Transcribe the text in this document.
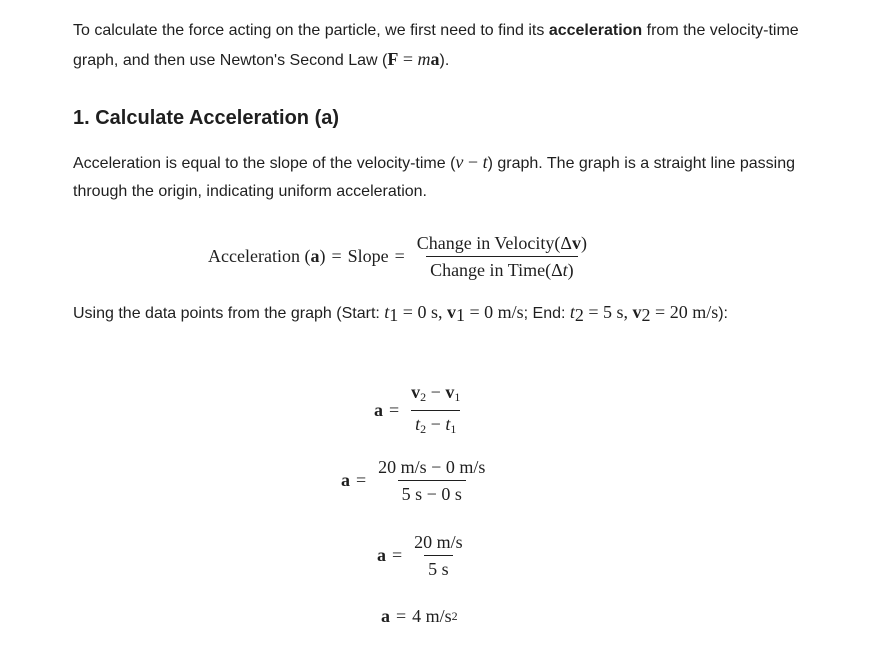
To calculate the force acting on the particle, we first need to find its acceleration from the velocity-time graph, and then use Newton's Second Law (F = ma).

1. Calculate Acceleration (a)

Acceleration is equal to the slope of the velocity-time (v − t) graph. The graph is a straight line passing through the origin, indicating uniform acceleration.

Acceleration ( a ) = Slope = $\frac{\text{Change in Velocity(Δv)}}{\text{Change in Time(Δt)}}$

Using the data points from the graph (Start: $t_1 = 0$ s, $v_1 = 0$ m/s; End: $t_2 = 5$ s, $v_2 = 20$ m/s):

$a = \frac{v_2 - v_1}{t_2 - t_1}$
$a = \frac{20 m/s - 0 m/s}{5 s - 0 s}$
$a = \frac{20 m/s}{5 s}$
a = 4 m/s 2
